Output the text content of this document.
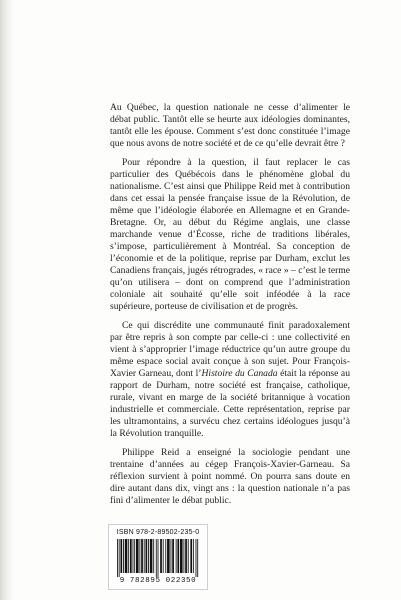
Au Québec, la question nationale ne cesse d’alimenter le débat public. Tantôt elle se heurte aux idéologies dominantes, tantôt elle les épouse. Comment s’est donc constituée l’image que nous avons de notre société et de ce qu’elle devrait être ?

Pour répondre à la question, il faut replacer le cas particulier des Québécois dans le phénomène global du nationalisme. C’est ainsi que Philippe Reid met à contribution dans cet essai la pensée française issue de la Révolution, de même que l’idéologie élaborée en Allemagne et en Grande-Bretagne. Or, au début du Régime anglais, une classe marchande venue d’Écosse, riche de traditions libérales, s’impose, particulièrement à Montréal. Sa conception de l’économie et de la politique, reprise par Durham, exclut les Canadiens français, jugés rétrogrades, « race » – c’est le terme qu’on utilisera – dont on comprend que l’administration coloniale ait souhaité qu’elle soit inféodée à la race supérieure, porteuse de civilisation et de progrès.

Ce qui discrédite une communauté finit paradoxalement par être repris à son compte par celle-ci : une collectivité en vient à s’approprier l’image réductrice qu’un autre groupe du même espace social avait conçue à son sujet. Pour François-Xavier Garneau, dont l’Histoire du Canada était la réponse au rapport de Durham, notre société est française, catholique, rurale, vivant en marge de la société britannique à vocation industrielle et commerciale. Cette représentation, reprise par les ultramontains, a survécu chez certains idéologues jusqu’à la Révolution tranquille.

Philippe Reid a enseigné la sociologie pendant une trentaine d’années au cégep François-Xavier-Garneau. Sa réflexion survient à point nommé. On pourra sans doute en dire autant dans dix, vingt ans : la question nationale n’a pas fini d’alimenter le débat public.

ISBN 978-2-89502-235-0
9 782895 022350
